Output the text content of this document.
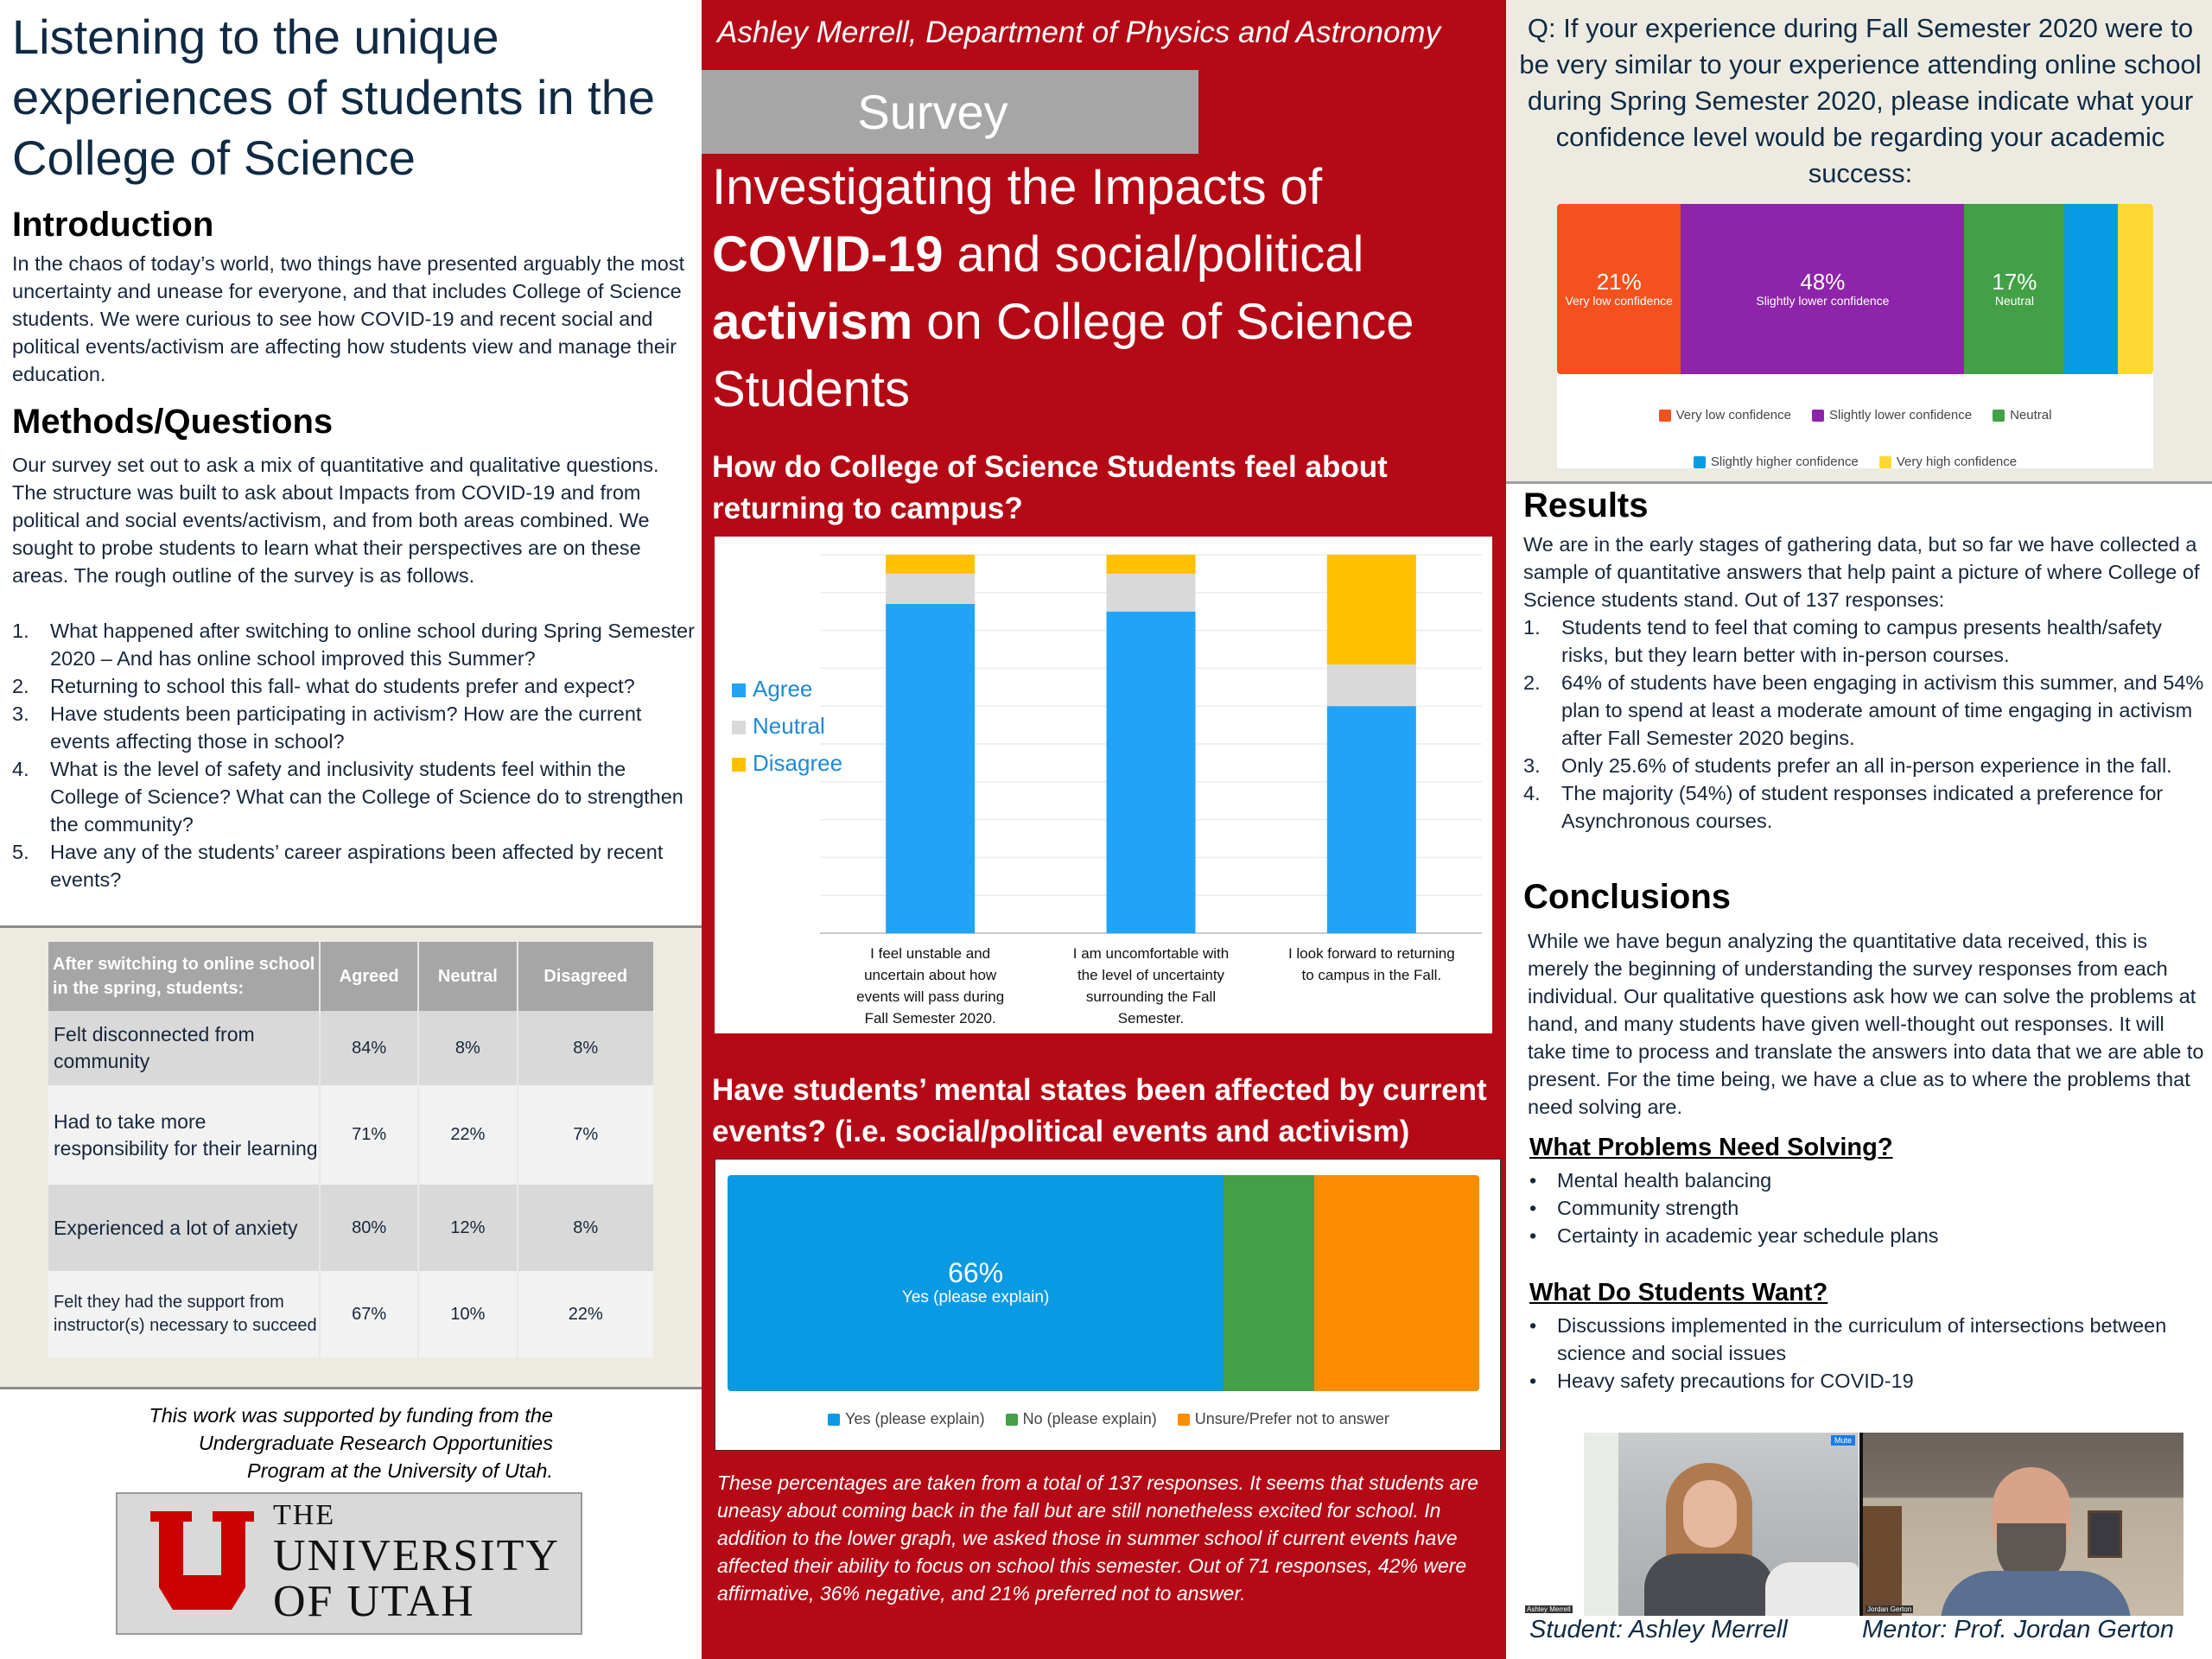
Listening to the unique experiences of students in the College of Science
Introduction
In the chaos of today’s world, two things have presented arguably the most uncertainty and unease for everyone, and that includes College of Science students. We were curious to see how COVID-19 and recent social and political events/activism are affecting how students view and manage their education.
Methods/Questions
Our survey set out to ask a mix of quantitative and qualitative questions. The structure was built to ask about Impacts from COVID-19 and from political and social events/activism, and from both areas combined. We sought to probe students to learn what their perspectives are on these areas. The rough outline of the survey is as follows.
1. What happened after switching to online school during Spring Semester 2020 – And has online school improved this Summer?
2. Returning to school this fall- what do students prefer and expect?
3. Have students been participating in activism? How are the current events affecting those in school?
4. What is the level of safety and inclusivity students feel within the College of Science? What can the College of Science do to strengthen the community?
5. Have any of the students’ career aspirations been affected by recent events?
After switching to online school in the spring, students:	Agreed	Neutral	Disagreed
Felt disconnected from community	84%	8%	8%
Had to take more responsibility for their learning	71%	22%	7%
Experienced a lot of anxiety	80%	12%	8%
Felt they had the support from instructor(s) necessary to succeed	67%	10%	22%
This work was supported by funding from the Undergraduate Research Opportunities Program at the University of Utah.
THE
UNIVERSITY
OF UTAH
Ashley Merrell, Department of Physics and Astronomy
Survey
Investigating the Impacts of COVID-19 and social/political activism on College of Science Students
How do College of Science Students feel about returning to campus?
Agree
Neutral
Disagree
I feel unstable and uncertain about how events will pass during Fall Semester 2020.
I am uncomfortable with the level of uncertainty surrounding the Fall Semester.
I look forward to returning to campus in the Fall.
Have students’ mental states been affected by current events? (i.e. social/political events and activism)
66%
Yes (please explain)
Yes (please explain) No (please explain) Unsure/Prefer not to answer
These percentages are taken from a total of 137 responses. It seems that students are uneasy about coming back in the fall but are still nonetheless excited for school. In addition to the lower graph, we asked those in summer school if current events have affected their ability to focus on school this semester. Out of 71 responses, 42% were affirmative, 36% negative, and 21% preferred not to answer.
Q: If your experience during Fall Semester 2020 were to be very similar to your experience attending online school during Spring Semester 2020, please indicate what your confidence level would be regarding your academic success:
21%
Very low confidence
48%
Slightly lower confidence
17%
Neutral
Very low confidence	Slightly lower confidence	Neutral
Slightly higher confidence	Very high confidence
Results
We are in the early stages of gathering data, but so far we have collected a sample of quantitative answers that help paint a picture of where College of Science students stand. Out of 137 responses:
1. Students tend to feel that coming to campus presents health/safety risks, but they learn better with in-person courses.
2. 64% of students have been engaging in activism this summer, and 54% plan to spend at least a moderate amount of time engaging in activism after Fall Semester 2020 begins.
3. Only 25.6% of students prefer an all in-person experience in the fall.
4. The majority (54%) of student responses indicated a preference for Asynchronous courses.
Conclusions
While we have begun analyzing the quantitative data received, this is merely the beginning of understanding the survey responses from each individual. Our qualitative questions ask how we can solve the problems at hand, and many students have given well-thought out responses. It will take time to process and translate the answers into data that we are able to present. For the time being, we have a clue as to where the problems that need solving are.
What Problems Need Solving?
• Mental health balancing
• Community strength
• Certainty in academic year schedule plans
What Do Students Want?
• Discussions implemented in the curriculum of intersections between science and social issues
• Heavy safety precautions for COVID-19
Mute
Ashley Merrell	Jordan Gerton
Student: Ashley Merrell	Mentor: Prof. Jordan Gerton
